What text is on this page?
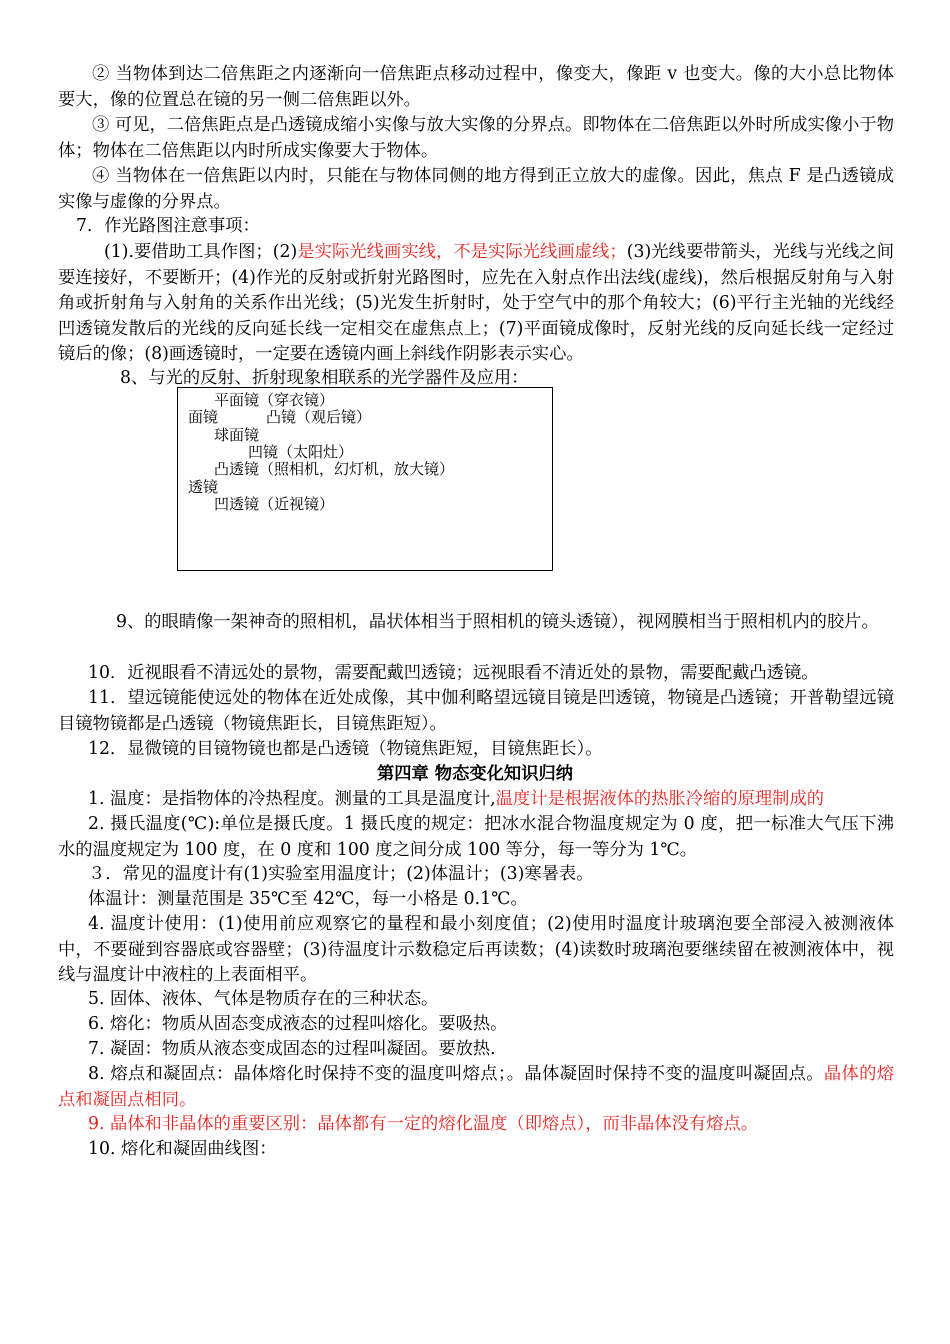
② 当物体到达二倍焦距之内逐渐向一倍焦距点移动过程中，像变大，像距 v 也变大。像的大小总比物体要大，像的位置总在镜的另一侧二倍焦距以外。
③ 可见，二倍焦距点是凸透镜成缩小实像与放大实像的分界点。即物体在二倍焦距以外时所成实像小于物体；物体在二倍焦距以内时所成实像要大于物体。
④ 当物体在一倍焦距以内时，只能在与物体同侧的地方得到正立放大的虚像。因此，焦点 F 是凸透镜成实像与虚像的分界点。
7．作光路图注意事项：
(1).要借助工具作图；(2)是实际光线画实线，不是实际光线画虚线；(3)光线要带箭头，光线与光线之间要连接好，不要断开；(4)作光的反射或折射光路图时，应先在入射点作出法线(虚线)，然后根据反射角与入射角或折射角与入射角的关系作出光线；(5)光发生折射时，处于空气中的那个角较大；(6)平行主光轴的光线经凹透镜发散后的光线的反向延长线一定相交在虚焦点上；(7)平面镜成像时，反射光线的反向延长线一定经过镜后的像；(8)画透镜时，一定要在透镜内画上斜线作阴影表示实心。
8、与光的反射、折射现象相联系的光学器件及应用：
平面镜（穿衣镜）
面镜	凸镜（观后镜）
球面镜
凹镜（太阳灶）
凸透镜（照相机，幻灯机，放大镜）
透镜
凹透镜（近视镜）
9、的眼睛像一架神奇的照相机，晶状体相当于照相机的镜头透镜），视网膜相当于照相机内的胶片。
10．近视眼看不清远处的景物，需要配戴凹透镜；远视眼看不清近处的景物，需要配戴凸透镜。
11．望远镜能使远处的物体在近处成像，其中伽利略望远镜目镜是凹透镜，物镜是凸透镜；开普勒望远镜目镜物镜都是凸透镜（物镜焦距长，目镜焦距短）。
12．显微镜的目镜物镜也都是凸透镜（物镜焦距短，目镜焦距长）。
第四章 物态变化知识归纳
1. 温度：是指物体的冷热程度。测量的工具是温度计,温度计是根据液体的热胀冷缩的原理制成的
2. 摄氏温度(℃):单位是摄氏度。1 摄氏度的规定：把冰水混合物温度规定为 0 度，把一标准大气压下沸水的温度规定为 100 度，在 0 度和 100 度之间分成 100 等分，每一等分为 1℃。
３．常见的温度计有(1)实验室用温度计；(2)体温计；(3)寒暑表。
体温计：测量范围是 35℃至 42℃，每一小格是 0.1℃。
4. 温度计使用：(1)使用前应观察它的量程和最小刻度值；(2)使用时温度计玻璃泡要全部浸入被测液体中，不要碰到容器底或容器壁；(3)待温度计示数稳定后再读数；(4)读数时玻璃泡要继续留在被测液体中，视线与温度计中液柱的上表面相平。
5. 固体、液体、气体是物质存在的三种状态。
6. 熔化：物质从固态变成液态的过程叫熔化。要吸热。
7. 凝固：物质从液态变成固态的过程叫凝固。要放热.
8. 熔点和凝固点：晶体熔化时保持不变的温度叫熔点；。晶体凝固时保持不变的温度叫凝固点。晶体的熔点和凝固点相同。
9. 晶体和非晶体的重要区别：晶体都有一定的熔化温度（即熔点），而非晶体没有熔点。
10. 熔化和凝固曲线图：
